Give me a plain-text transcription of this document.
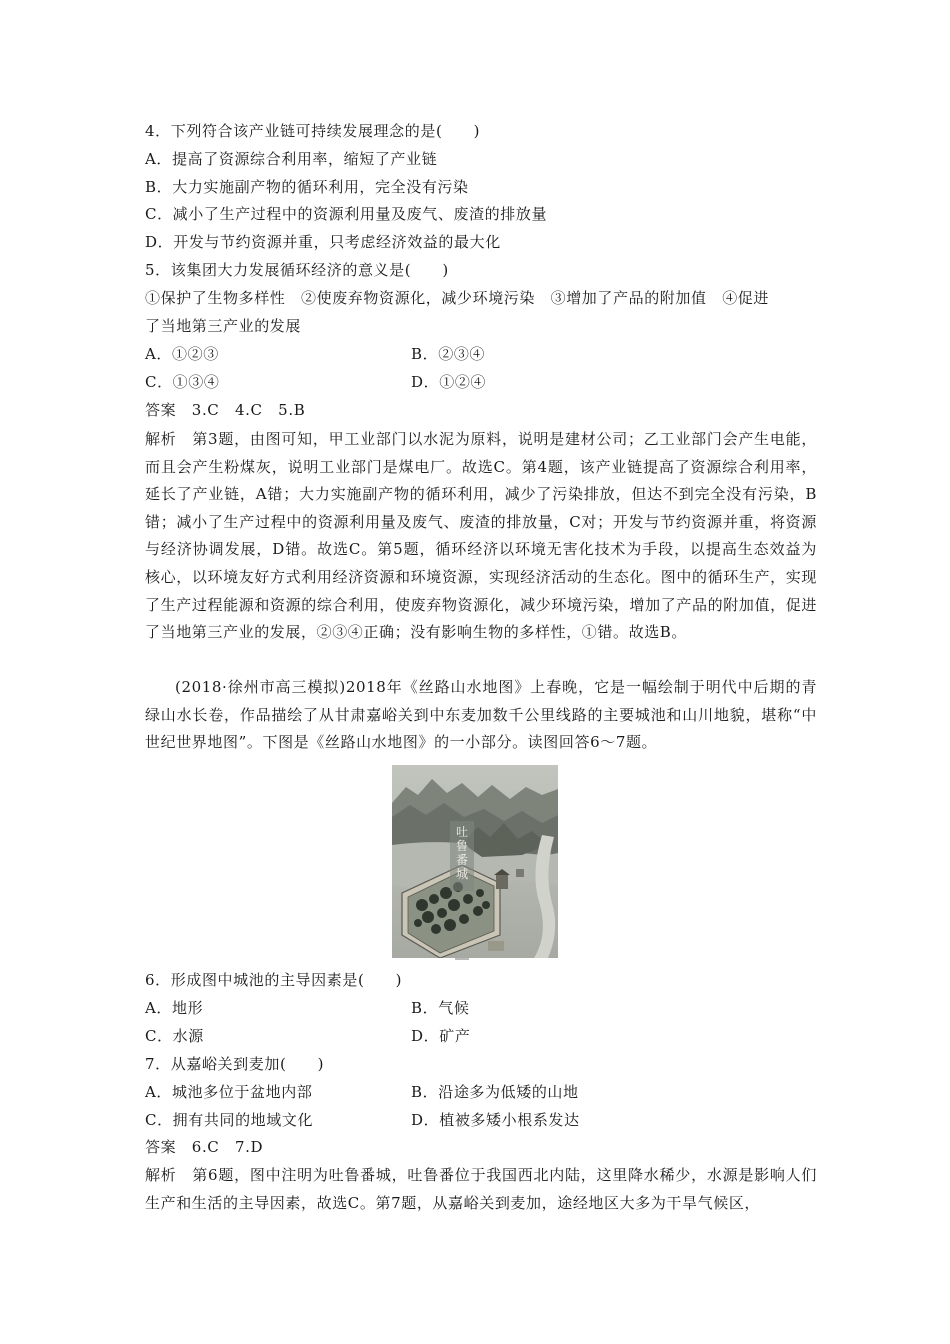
4．下列符合该产业链可持续发展理念的是(　　)
A．提高了资源综合利用率，缩短了产业链
B．大力实施副产物的循环利用，完全没有污染
C．减小了生产过程中的资源利用量及废气、废渣的排放量
D．开发与节约资源并重，只考虑经济效益的最大化
5．该集团大力发展循环经济的意义是(　　)
①保护了生物多样性　②使废弃物资源化，减少环境污染　③增加了产品的附加值　④促进
了当地第三产业的发展
A．①②③	B．②③④
C．①③④	D．①②④
答案　3.C　4.C　5.B
解析　第3题，由图可知，甲工业部门以水泥为原料，说明是建材公司；乙工业部门会产生电能，而且会产生粉煤灰，说明工业部门是煤电厂。故选C。第4题，该产业链提高了资源综合利用率，延长了产业链，A错；大力实施副产物的循环利用，减少了污染排放，但达不到完全没有污染，B错；减小了生产过程中的资源利用量及废气、废渣的排放量，C对；开发与节约资源并重，将资源与经济协调发展，D错。故选C。第5题，循环经济以环境无害化技术为手段，以提高生态效益为核心，以环境友好方式利用经济资源和环境资源，实现经济活动的生态化。图中的循环生产，实现了生产过程能源和资源的综合利用，使废弃物资源化，减少环境污染，增加了产品的附加值，促进了当地第三产业的发展，②③④正确；没有影响生物的多样性，①错。故选B。
(2018·徐州市高三模拟)2018年《丝路山水地图》上春晚，它是一幅绘制于明代中后期的青绿山水长卷，作品描绘了从甘肃嘉峪关到中东麦加数千公里线路的主要城池和山川地貌，堪称“中世纪世界地图”。下图是《丝路山水地图》的一小部分。读图回答6～7题。
吐鲁番城
6．形成图中城池的主导因素是(　　)
A．地形	B．气候
C．水源	D．矿产
7．从嘉峪关到麦加(　　)
A．城池多位于盆地内部	B．沿途多为低矮的山地
C．拥有共同的地域文化	D．植被多矮小根系发达
答案　6.C　7.D
解析　第6题，图中注明为吐鲁番城，吐鲁番位于我国西北内陆，这里降水稀少，水源是影响人们生产和生活的主导因素，故选C。第7题，从嘉峪关到麦加，途经地区大多为干旱气候区，
